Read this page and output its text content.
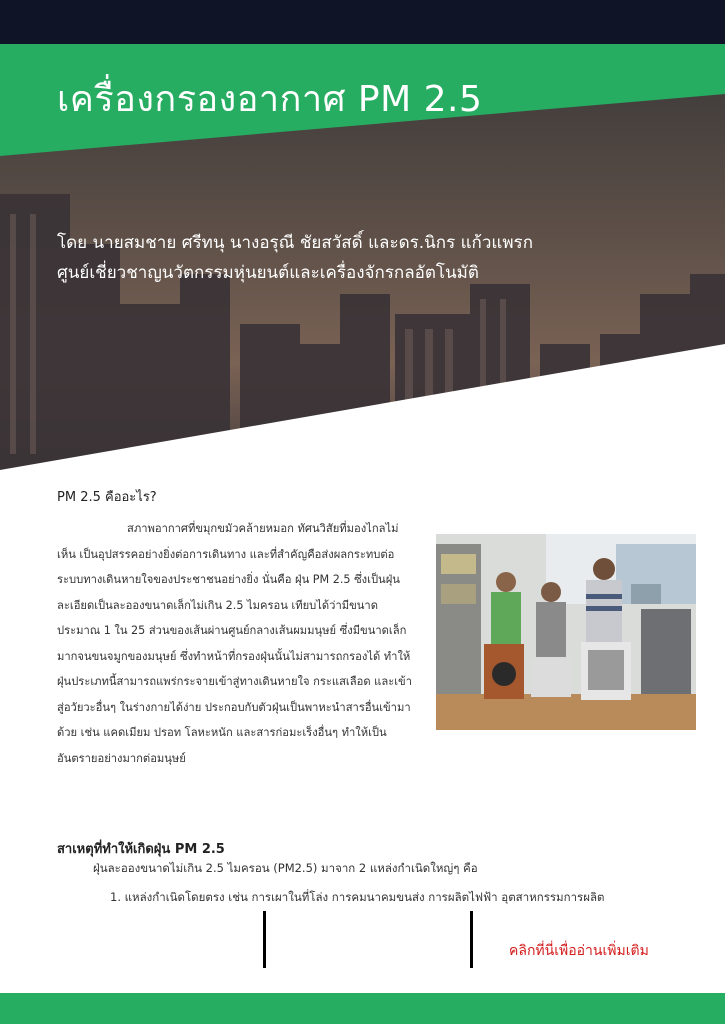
เครื่องกรองอากาศ PM 2.5
โดย นายสมชาย ศรีทนุ นางอรุณี ชัยสวัสดิ์ และดร.นิกร แก้วแพรก
ศูนย์เชี่ยวชาญนวัตกรรมหุ่นยนต์และเครื่องจักรกลอัตโนมัติ
PM 2.5 คืออะไร?

สภาพอากาศที่ขมุกขมัวคล้ายหมอก ทัศนวิสัยที่มองไกลไม่เห็น เป็นอุปสรรคอย่างยิ่งต่อการเดินทาง และที่สำคัญคือส่งผลกระทบต่อระบบทางเดินหายใจของประชาชนอย่างยิ่ง นั่นคือ ฝุ่น PM 2.5 ซึ่งเป็นฝุ่นละเอียดเป็นละอองขนาดเล็กไม่เกิน 2.5 ไมครอน เทียบได้ว่ามีขนาดประมาณ 1 ใน 25 ส่วนของเส้นผ่านศูนย์กลางเส้นผมมนุษย์ ซึ่งมีขนาดเล็กมากจนขนจมูกของมนุษย์ ซึ่งทำหน้าที่กรองฝุ่นนั้นไม่สามารถกรองได้ ทำให้ฝุ่นประเภทนี้สามารถแพร่กระจายเข้าสู่ทางเดินหายใจ กระแสเลือด และเข้าสู่อวัยวะอื่นๆ ในร่างกายได้ง่าย ประกอบกับตัวฝุ่นเป็นพาหะนำสารอื่นเข้ามาด้วย เช่น แคดเมียม ปรอท โลหะหนัก และสารก่อมะเร็งอื่นๆ ทำให้เป็นอันตรายอย่างมากต่อมนุษย์

สาเหตุที่ทำให้เกิดฝุ่น PM 2.5
ฝุ่นละอองขนาดไม่เกิน 2.5 ไมครอน (PM2.5) มาจาก 2 แหล่งกำเนิดใหญ่ๆ คือ
1. แหล่งกำเนิดโดยตรง เช่น การเผาในที่โล่ง การคมนาคมขนส่ง การผลิตไฟฟ้า อุตสาหกรรมการผลิต
คลิกที่นี่เพื่ออ่านเพิ่มเติม
